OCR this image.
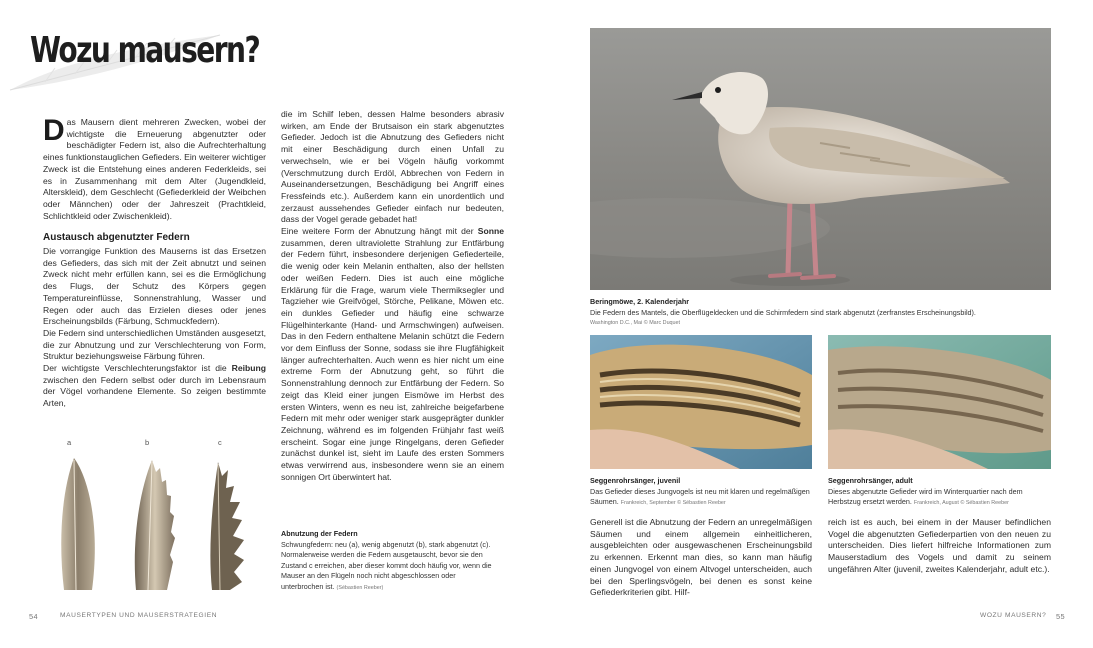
Wozu mausern?

Das Mausern dient mehreren Zwecken, wobei der wichtigste die Erneuerung abgenutzter oder beschädigter Federn ist, also die Aufrechterhaltung eines funktionstauglichen Gefieders. Ein weiterer wichtiger Zweck ist die Entstehung eines anderen Federkleids, sei es in Zusammenhang mit dem Alter (Jugendkleid, Alterskleid), dem Geschlecht (Gefiederkleid der Weibchen oder Männchen) oder der Jahreszeit (Prachtkleid, Schlichtkleid oder Zwischenkleid).

Austausch abgenutzter Federn

Die vorrangige Funktion des Mauserns ist das Ersetzen des Gefieders, das sich mit der Zeit abnutzt und seinen Zweck nicht mehr erfüllen kann, sei es die Ermöglichung des Flugs, der Schutz des Körpers gegen Temperatureinflüsse, Sonnenstrahlung, Wasser und Regen oder auch das Erzielen dieses oder jenes Erscheinungsbilds (Färbung, Schmuckfedern).

Die Federn sind unterschiedlichen Umständen ausgesetzt, die zur Abnutzung und zur Verschlechterung von Form, Struktur beziehungsweise Färbung führen.

Der wichtigste Verschlechterungsfaktor ist die Reibung zwischen den Federn selbst oder durch im Lebensraum der Vögel vorhandene Elemente. So zeigen bestimmte Arten,

a	b	c

die im Schilf leben, dessen Halme besonders abrasiv wirken, am Ende der Brutsaison ein stark abgenutztes Gefieder. Jedoch ist die Abnutzung des Gefieders nicht mit einer Beschädigung durch einen Unfall zu verwechseln, wie er bei Vögeln häufig vorkommt (Verschmutzung durch Erdöl, Abbrechen von Federn in Auseinandersetzungen, Beschädigung bei Angriff eines Fressfeinds etc.). Außerdem kann ein unordentlich und zerzaust aussehendes Gefieder einfach nur bedeuten, dass der Vogel gerade gebadet hat!

Eine weitere Form der Abnutzung hängt mit der Sonne zusammen, deren ultraviolette Strahlung zur Entfärbung der Federn führt, insbesondere derjenigen Gefiederteile, die wenig oder kein Melanin enthalten, also der hellsten oder weißen Federn. Dies ist auch eine mögliche Erklärung für die Frage, warum viele Thermiksegler und Tagzieher wie Greifvögel, Störche, Pelikane, Möwen etc. ein dunkles Gefieder und häufig eine schwarze Flügelhinterkante (Hand- und Armschwingen) aufweisen. Das in den Federn enthaltene Melanin schützt die Federn vor dem Einfluss der Sonne, sodass sie ihre Flugfähigkeit länger aufrechterhalten. Auch wenn es hier nicht um eine extreme Form der Abnutzung geht, so führt die Sonnenstrahlung dennoch zur Entfärbung der Federn. So zeigt das Kleid einer jungen Eismöwe im Herbst des ersten Winters, wenn es neu ist, zahlreiche beigefarbene Federn mit mehr oder weniger stark ausgeprägter dunkler Zeichnung, während es im folgenden Frühjahr fast weiß erscheint. Sogar eine junge Ringelgans, deren Gefieder zunächst dunkel ist, sieht im Laufe des ersten Sommers etwas verwirrend aus, insbesondere wenn sie an einem sonnigen Ort überwintert hat.

Abnutzung der Federn
Schwungfedern: neu (a), wenig abgenutzt (b), stark abgenutzt (c). Normalerweise werden die Federn ausgetauscht, bevor sie den Zustand c erreichen, aber dieser kommt doch häufig vor, wenn die Mauser an den Flügeln noch nicht abgeschlossen oder unterbrochen ist. (Sébastien Reeber)
54	MAUSERTYPEN UND MAUSERSTRATEGIEN
Beringmöwe, 2. Kalenderjahr
Die Federn des Mantels, die Oberflügeldecken und die Schirmfedern sind stark abgenutzt (zerfranstes Erscheinungsbild).
Washington D.C., Mai © Marc Duquet
Seggenrohrsänger, juvenil
Das Gefieder dieses Jungvogels ist neu mit klaren und regelmäßigen Säumen. Frankreich, September © Sébastien Reeber
Seggenrohrsänger, adult
Dieses abgenutzte Gefieder wird im Winterquartier nach dem Herbstzug ersetzt werden. Frankreich, August © Sébastien Reeber

Generell ist die Abnutzung der Federn an unregelmäßigen Säumen und einem allgemein einheitlicheren, ausgebleichten oder ausgewaschenen Erscheinungsbild zu erkennen. Erkennt man dies, so kann man häufig einen Jungvogel von einem Altvogel unterscheiden, auch bei den Sperlingsvögeln, bei denen es sonst keine Gefiederkriterien gibt. Hilf-

reich ist es auch, bei einem in der Mauser befindlichen Vogel die abgenutzten Gefiederpartien von den neuen zu unterscheiden. Dies liefert hilfreiche Informationen zum Mauserstadium des Vogels und damit zu seinem ungefähren Alter (juvenil, zweites Kalenderjahr, adult etc.).

WOZU MAUSERN? 55
